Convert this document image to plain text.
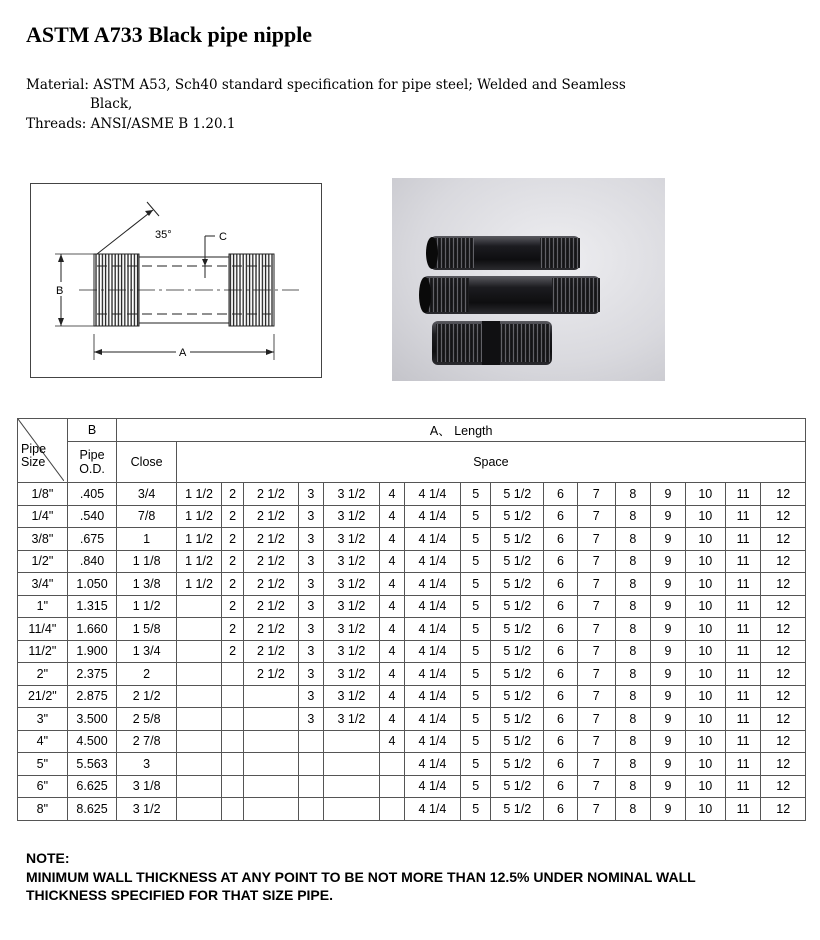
ASTM A733 Black pipe nipple
Material: ASTM A53, Sch40 standard specification for pipe steel; Welded and Seamless
Black,
Threads: ANSI/ASME B 1.20.1
B
A
35°	C
Pipe
Size	B	A、 Length																

	Pipe
O.D.	Close	Space															
1/8"	.405	3/4	1 1/2	2	2 1/2	3	3 1/2	4	4 1/4	5	5 1/2	6	7	8	9	10	11	12
1/4"	.540	7/8	1 1/2	2	2 1/2	3	3 1/2	4	4 1/4	5	5 1/2	6	7	8	9	10	11	12
3/8"	.675	1	1 1/2	2	2 1/2	3	3 1/2	4	4 1/4	5	5 1/2	6	7	8	9	10	11	12
1/2"	.840	1 1/8	1 1/2	2	2 1/2	3	3 1/2	4	4 1/4	5	5 1/2	6	7	8	9	10	11	12
3/4"	1.050	1 3/8	1 1/2	2	2 1/2	3	3 1/2	4	4 1/4	5	5 1/2	6	7	8	9	10	11	12
1"	1.315	1 1/2		2	2 1/2	3	3 1/2	4	4 1/4	5	5 1/2	6	7	8	9	10	11	12
11/4"	1.660	1 5/8		2	2 1/2	3	3 1/2	4	4 1/4	5	5 1/2	6	7	8	9	10	11	12
11/2"	1.900	1 3/4		2	2 1/2	3	3 1/2	4	4 1/4	5	5 1/2	6	7	8	9	10	11	12
2"	2.375	2			2 1/2	3	3 1/2	4	4 1/4	5	5 1/2	6	7	8	9	10	11	12
21/2"	2.875	2 1/2				3	3 1/2	4	4 1/4	5	5 1/2	6	7	8	9	10	11	12
3"	3.500	2 5/8				3	3 1/2	4	4 1/4	5	5 1/2	6	7	8	9	10	11	12
4"	4.500	2 7/8						4	4 1/4	5	5 1/2	6	7	8	9	10	11	12
5"	5.563	3							4 1/4	5	5 1/2	6	7	8	9	10	11	12
6"	6.625	3 1/8							4 1/4	5	5 1/2	6	7	8	9	10	11	12
8"	8.625	3 1/2							4 1/4	5	5 1/2	6	7	8	9	10	11	12
NOTE:
MINIMUM WALL THICKNESS AT ANY POINT TO BE NOT MORE THAN 12.5% UNDER NOMINAL WALL
THICKNESS SPECIFIED FOR THAT SIZE PIPE.
